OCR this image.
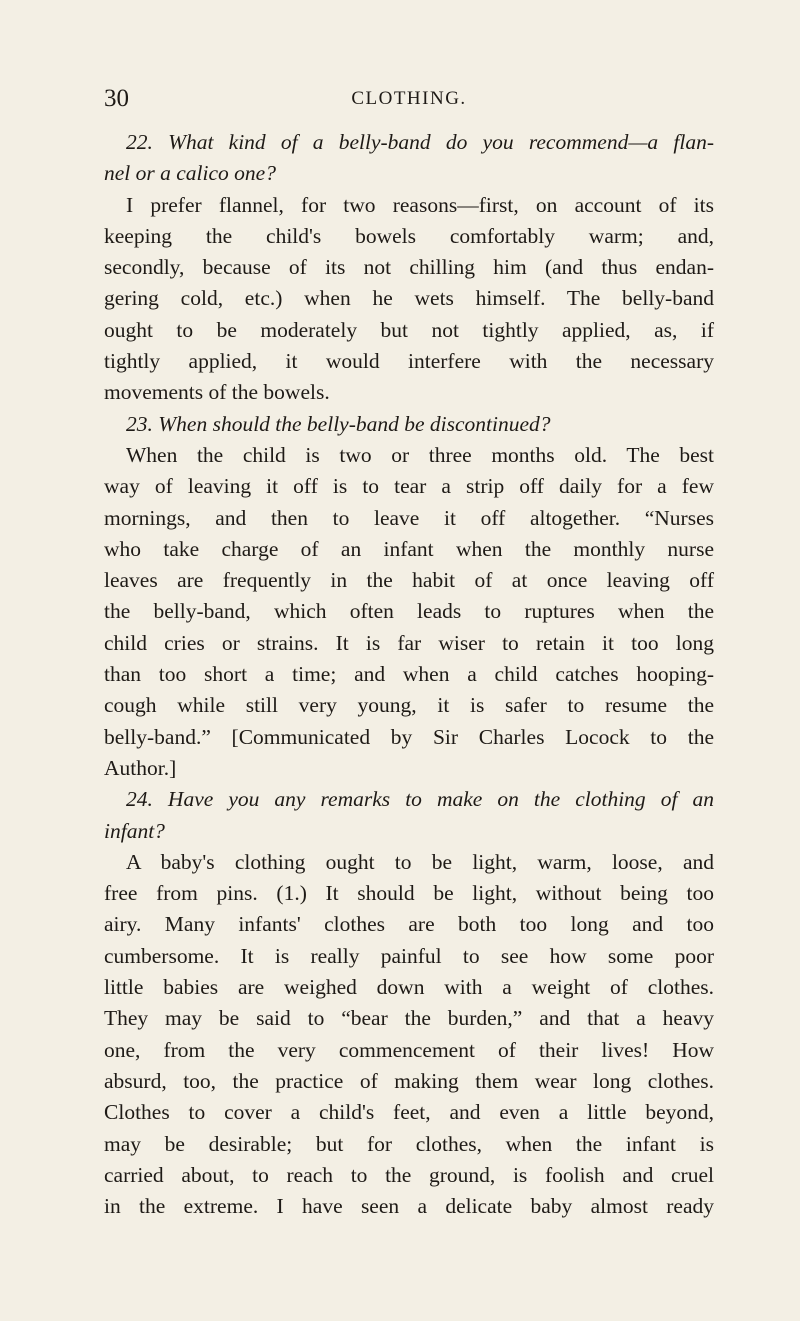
30	CLOTHING.
22. What kind of a belly-band do you recommend—a flan-
nel or a calico one?
I prefer flannel, for two reasons—first, on account of its
keeping the child's bowels comfortably warm; and,
secondly, because of its not chilling him (and thus endan-
gering cold, etc.) when he wets himself. The belly-band
ought to be moderately but not tightly applied, as, if
tightly applied, it would interfere with the necessary
movements of the bowels.
23. When should the belly-band be discontinued?
When the child is two or three months old. The best
way of leaving it off is to tear a strip off daily for a few
mornings, and then to leave it off altogether. “Nurses
who take charge of an infant when the monthly nurse
leaves are frequently in the habit of at once leaving off
the belly-band, which often leads to ruptures when the
child cries or strains. It is far wiser to retain it too long
than too short a time; and when a child catches hooping-
cough while still very young, it is safer to resume the
belly-band.” [Communicated by Sir Charles Locock to the
Author.]
24. Have you any remarks to make on the clothing of an
infant?
A baby's clothing ought to be light, warm, loose, and
free from pins. (1.) It should be light, without being too
airy. Many infants' clothes are both too long and too
cumbersome. It is really painful to see how some poor
little babies are weighed down with a weight of clothes.
They may be said to “bear the burden,” and that a heavy
one, from the very commencement of their lives! How
absurd, too, the practice of making them wear long clothes.
Clothes to cover a child's feet, and even a little beyond,
may be desirable; but for clothes, when the infant is
carried about, to reach to the ground, is foolish and cruel
in the extreme. I have seen a delicate baby almost ready
